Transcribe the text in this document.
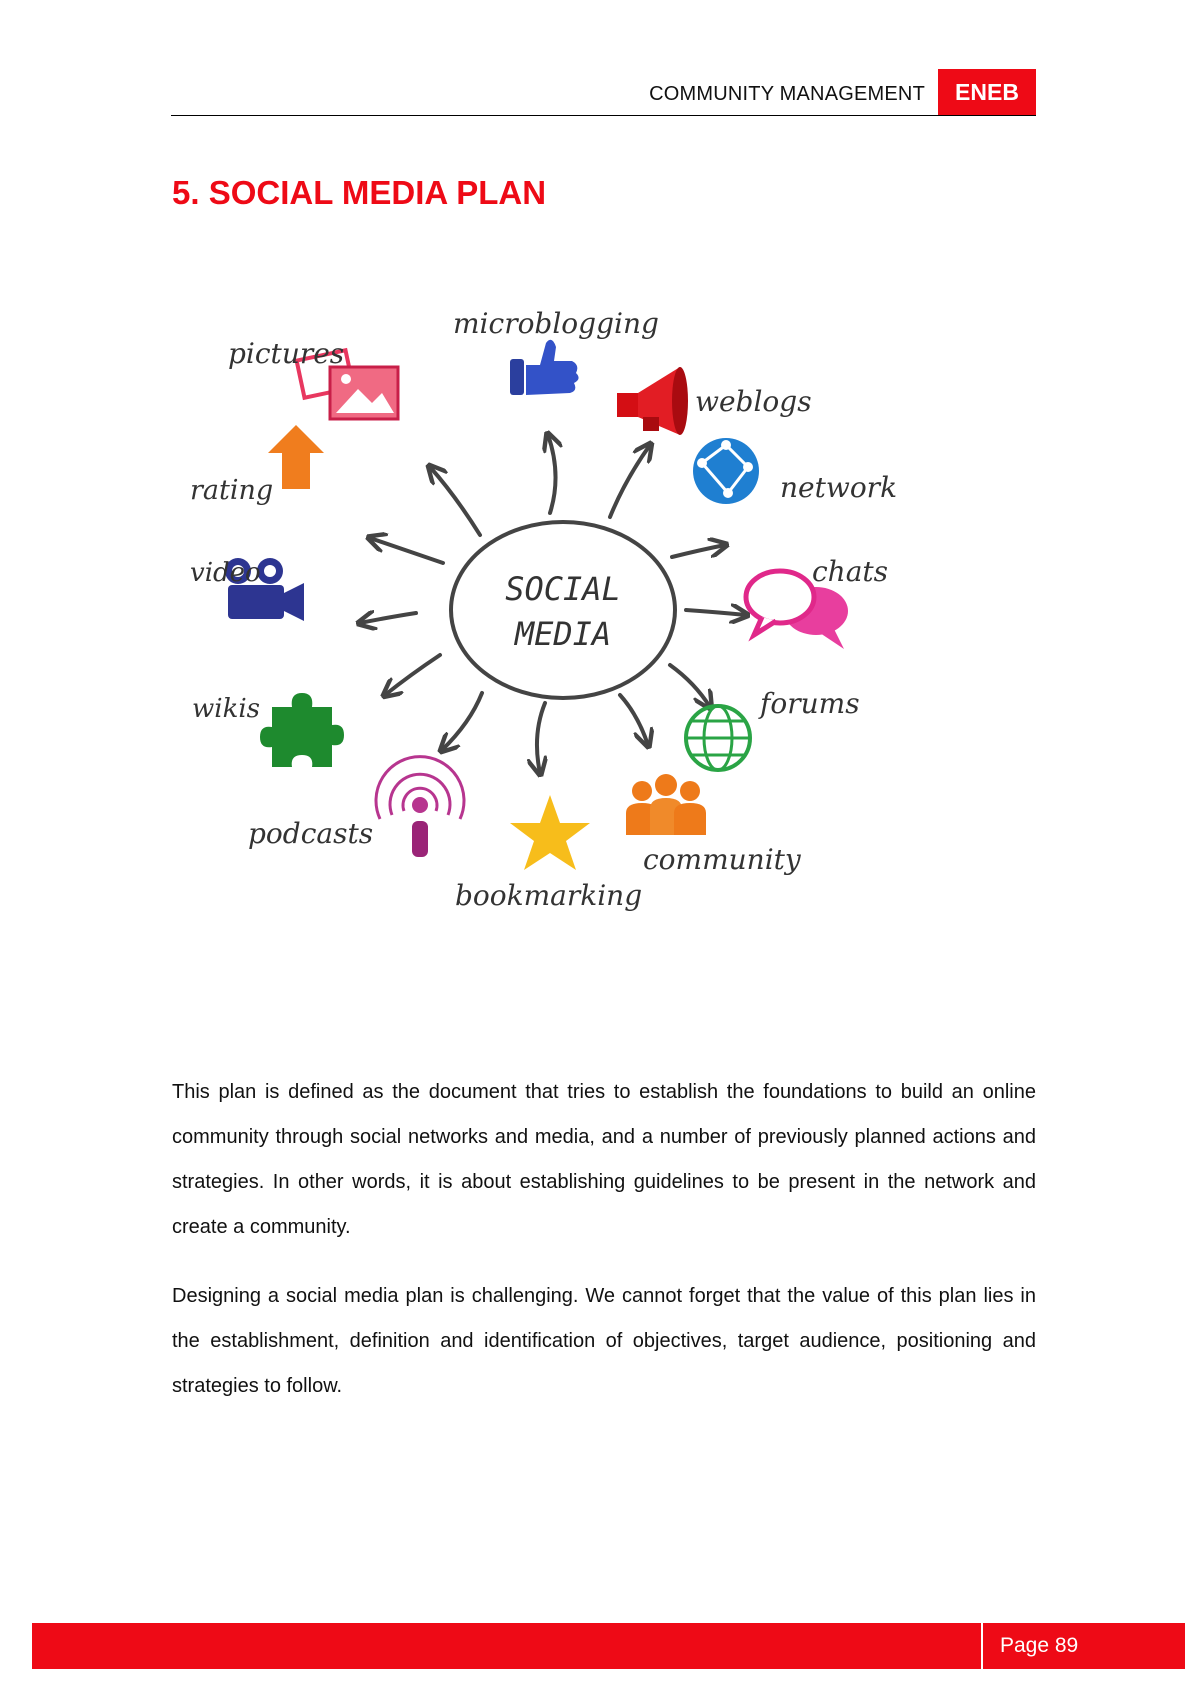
COMMUNITY MANAGEMENT	ENEB
5. SOCIAL MEDIA PLAN
SOCIAL
MEDIA
microblogging
pictures
weblogs
rating	network
video	chats
wikis	forums
podcasts
community
bookmarking

This plan is defined as the document that tries to establish the foundations to build an online community through social networks and media, and a number of previously planned actions and strategies. In other words, it is about establishing guidelines to be present in the network and create a community.

Designing a social media plan is challenging. We cannot forget that the value of this plan lies in the establishment, definition and identification of objectives, target audience, positioning and strategies to follow.

Page 89
